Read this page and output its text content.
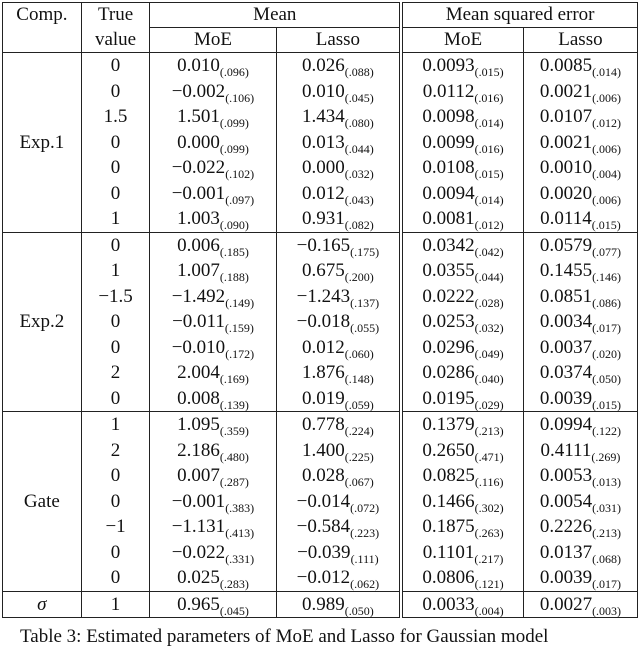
Comp.	True	Mean		Mean squared error	
	value	MoE	Lasso	MoE	Lasso
Exp.1	0	$0.010_{(.096)}$	$0.026_{(.088)}$	$0.0093_{(.015)}$	$0.0085_{(.014)}$
	0	$-0.002_{(.106)}$	$0.010_{(.045)}$	$0.0112_{(.016)}$	$0.0021_{(.006)}$
	1.5	$1.501_{(.099)}$	$1.434_{(.080)}$	$0.0098_{(.014)}$	$0.0107_{(.012)}$
	0	$0.000_{(.099)}$	$0.013_{(.044)}$	$0.0099_{(.016)}$	$0.0021_{(.006)}$
	0	$-0.022_{(.102)}$	$0.000_{(.032)}$	$0.0108_{(.015)}$	$0.0010_{(.004)}$
	0	$-0.001_{(.097)}$	$0.012_{(.043)}$	$0.0094_{(.014)}$	$0.0020_{(.006)}$
	1	$1.003_{(.090)}$	$0.931_{(.082)}$	$0.0081_{(.012)}$	$0.0114_{(.015)}$
Exp.2	0	$0.006_{(.185)}$	$-0.165_{(.175)}$	$0.0342_{(.042)}$	$0.0579_{(.077)}$
	1	$1.007_{(.188)}$	$0.675_{(.200)}$	$0.0355_{(.044)}$	$0.1455_{(.146)}$
	−1.5	$-1.492_{(.149)}$	$-1.243_{(.137)}$	$0.0222_{(.028)}$	$0.0851_{(.086)}$
	0	$-0.011_{(.159)}$	$-0.018_{(.055)}$	$0.0253_{(.032)}$	$0.0034_{(.017)}$
	0	$-0.010_{(.172)}$	$0.012_{(.060)}$	$0.0296_{(.049)}$	$0.0037_{(.020)}$
	2	$2.004_{(.169)}$	$1.876_{(.148)}$	$0.0286_{(.040)}$	$0.0374_{(.050)}$
	0	$0.008_{(.139)}$	$0.019_{(.059)}$	$0.0195_{(.029)}$	$0.0039_{(.015)}$
Gate	1	$1.095_{(.359)}$	$0.778_{(.224)}$	$0.1379_{(.213)}$	$0.0994_{(.122)}$
	2	$2.186_{(.480)}$	$1.400_{(.225)}$	$0.2650_{(.471)}$	$0.4111_{(.269)}$
	0	$0.007_{(.287)}$	$0.028_{(.067)}$	$0.0825_{(.116)}$	$0.0053_{(.013)}$
	0	$-0.001_{(.383)}$	$-0.014_{(.072)}$	$0.1466_{(.302)}$	$0.0054_{(.031)}$
	−1	$-1.131_{(.413)}$	$-0.584_{(.223)}$	$0.1875_{(.263)}$	$0.2226_{(.213)}$
	0	$-0.022_{(.331)}$	$-0.039_{(.111)}$	$0.1101_{(.217)}$	$0.0137_{(.068)}$
	0	$0.025_{(.283)}$	$-0.012_{(.062)}$	$0.0806_{(.121)}$	$0.0039_{(.017)}$
σ	1	$0.965_{(.045)}$	$0.989_{(.050)}$	$0.0033_{(.004)}$	$0.0027_{(.003)}$
Table 3: Estimated parameters of MoE and Lasso for Gaussian model
